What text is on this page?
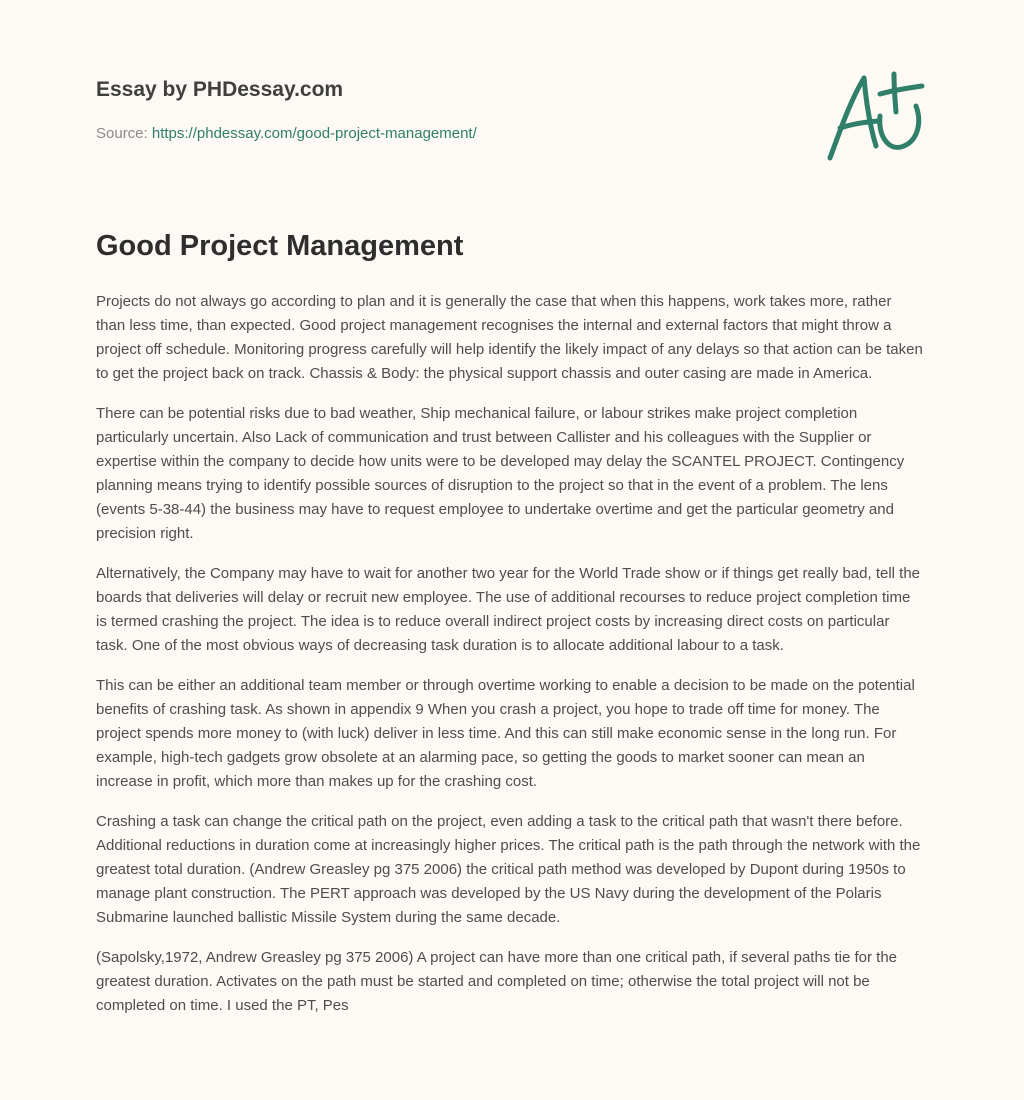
Essay by PHDessay.com
Source: https://phdessay.com/good-project-management/
Good Project Management

Projects do not always go according to plan and it is generally the case that when this happens, work takes more, rather than less time, than expected. Good project management recognises the internal and external factors that might throw a project off schedule. Monitoring progress carefully will help identify the likely impact of any delays so that action can be taken to get the project back on track. Chassis & Body: the physical support chassis and outer casing are made in America.

There can be potential risks due to bad weather, Ship mechanical failure, or labour strikes make project completion particularly uncertain. Also Lack of communication and trust between Callister and his colleagues with the Supplier or expertise within the company to decide how units were to be developed may delay the SCANTEL PROJECT. Contingency planning means trying to identify possible sources of disruption to the project so that in the event of a problem. The lens (events 5-38-44) the business may have to request employee to undertake overtime and get the particular geometry and precision right.

Alternatively, the Company may have to wait for another two year for the World Trade show or if things get really bad, tell the boards that deliveries will delay or recruit new employee. The use of additional recourses to reduce project completion time is termed crashing the project. The idea is to reduce overall indirect project costs by increasing direct costs on particular task. One of the most obvious ways of decreasing task duration is to allocate additional labour to a task.

This can be either an additional team member or through overtime working to enable a decision to be made on the potential benefits of crashing task. As shown in appendix 9 When you crash a project, you hope to trade off time for money. The project spends more money to (with luck) deliver in less time. And this can still make economic sense in the long run. For example, high-tech gadgets grow obsolete at an alarming pace, so getting the goods to market sooner can mean an increase in profit, which more than makes up for the crashing cost.

Crashing a task can change the critical path on the project, even adding a task to the critical path that wasn't there before. Additional reductions in duration come at increasingly higher prices. The critical path is the path through the network with the greatest total duration. (Andrew Greasley pg 375 2006) the critical path method was developed by Dupont during 1950s to manage plant construction. The PERT approach was developed by the US Navy during the development of the Polaris Submarine launched ballistic Missile System during the same decade.

(Sapolsky,1972, Andrew Greasley pg 375 2006) A project can have more than one critical path, if several paths tie for the greatest duration. Activates on the path must be started and completed on time; otherwise the total project will not be completed on time. I used the PT, Pes
